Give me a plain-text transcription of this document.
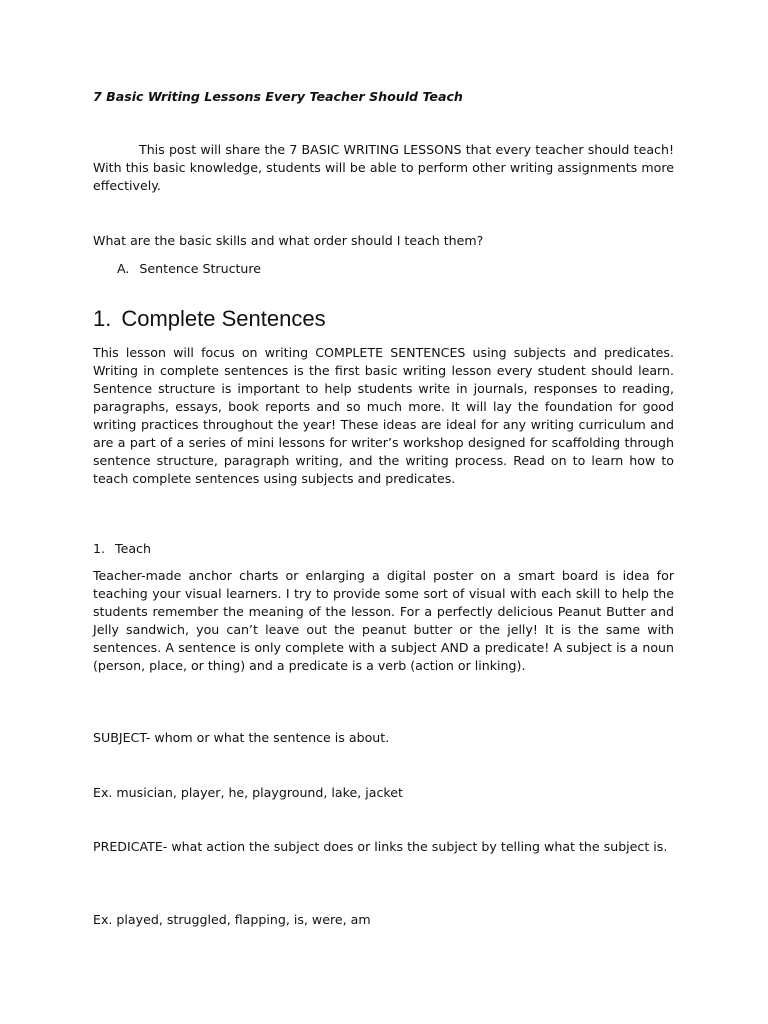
7 Basic Writing Lessons Every Teacher Should Teach

This post will share the 7 BASIC WRITING LESSONS that every teacher should teach! With this basic knowledge, students will be able to perform other writing assignments more effectively.

What are the basic skills and what order should I teach them?

A. Sentence Structure
1. Complete Sentences

This lesson will focus on writing COMPLETE SENTENCES using subjects and predicates. Writing in complete sentences is the first basic writing lesson every student should learn. Sentence structure is important to help students write in journals, responses to reading, paragraphs, essays, book reports and so much more. It will lay the foundation for good writing practices throughout the year! These ideas are ideal for any writing curriculum and are a part of a series of mini lessons for writer’s workshop designed for scaffolding through sentence structure, paragraph writing, and the writing process. Read on to learn how to teach complete sentences using subjects and predicates.

1. Teach

Teacher-made anchor charts or enlarging a digital poster on a smart board is idea for teaching your visual learners. I try to provide some sort of visual with each skill to help the students remember the meaning of the lesson. For a perfectly delicious Peanut Butter and Jelly sandwich, you can’t leave out the peanut butter or the jelly! It is the same with sentences. A sentence is only complete with a subject AND a predicate! A subject is a noun (person, place, or thing) and a predicate is a verb (action or linking).

SUBJECT- whom or what the sentence is about.

Ex. musician, player, he, playground, lake, jacket

PREDICATE- what action the subject does or links the subject by telling what the subject is.

Ex. played, struggled, flapping, is, were, am
